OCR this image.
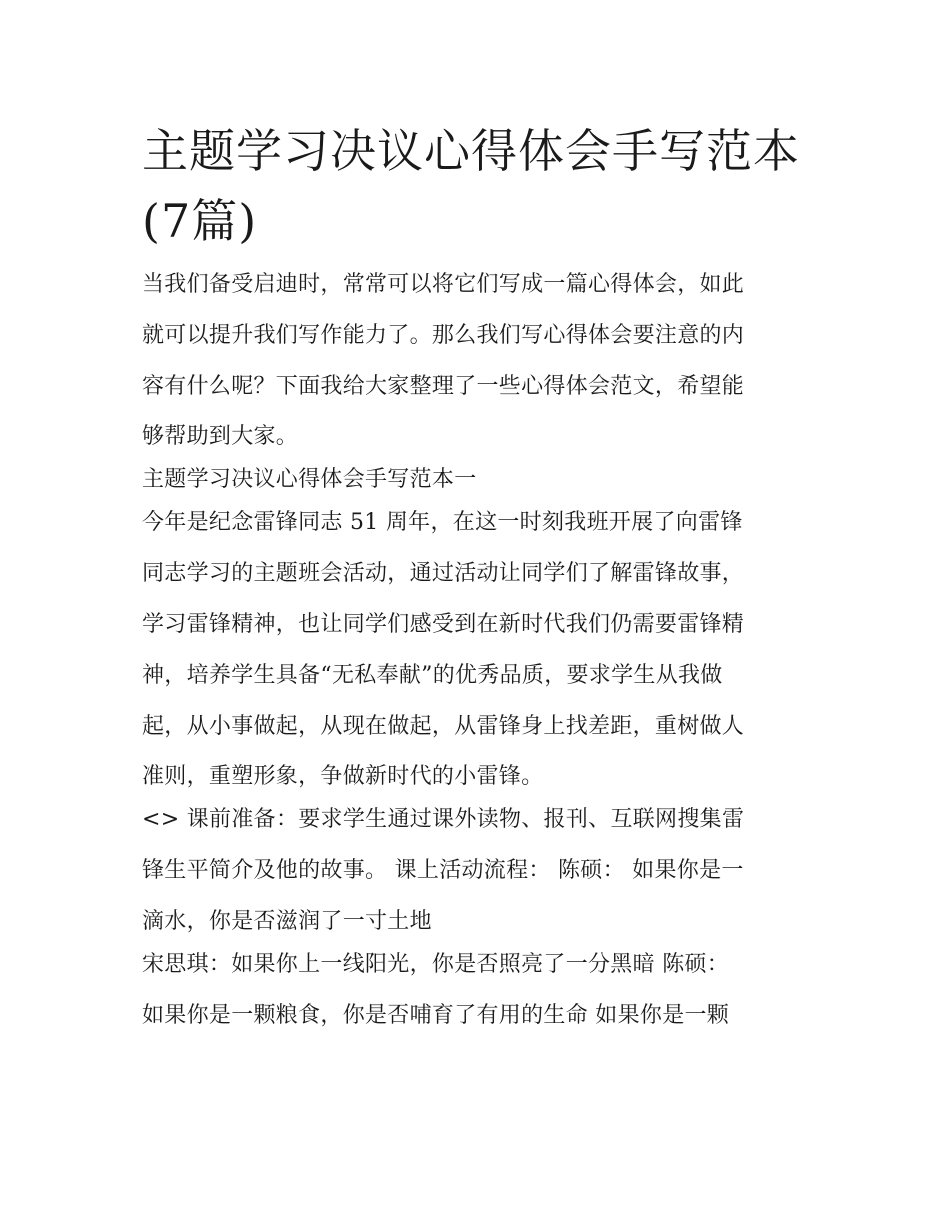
主题学习决议心得体会手写范本(7篇)
当我们备受启迪时，常常可以将它们写成一篇心得体会，如此
就可以提升我们写作能力了。那么我们写心得体会要注意的内
容有什么呢？下面我给大家整理了一些心得体会范文，希望能
够帮助到大家。
主题学习决议心得体会手写范本一
今年是纪念雷锋同志 51 周年，在这一时刻我班开展了向雷锋
同志学习的主题班会活动，通过活动让同学们了解雷锋故事，
学习雷锋精神，也让同学们感受到在新时代我们仍需要雷锋精
神，培养学生具备“无私奉献”的优秀品质，要求学生从我做
起，从小事做起，从现在做起，从雷锋身上找差距，重树做人
准则，重塑形象，争做新时代的小雷锋。
<> 课前准备：要求学生通过课外读物、报刊、互联网搜集雷
锋生平简介及他的故事。 课上活动流程： 陈硕： 如果你是一
滴水，你是否滋润了一寸土地
宋思琪：如果你上一线阳光，你是否照亮了一分黑暗 陈硕：
如果你是一颗粮食，你是否哺育了有用的生命 如果你是一颗
